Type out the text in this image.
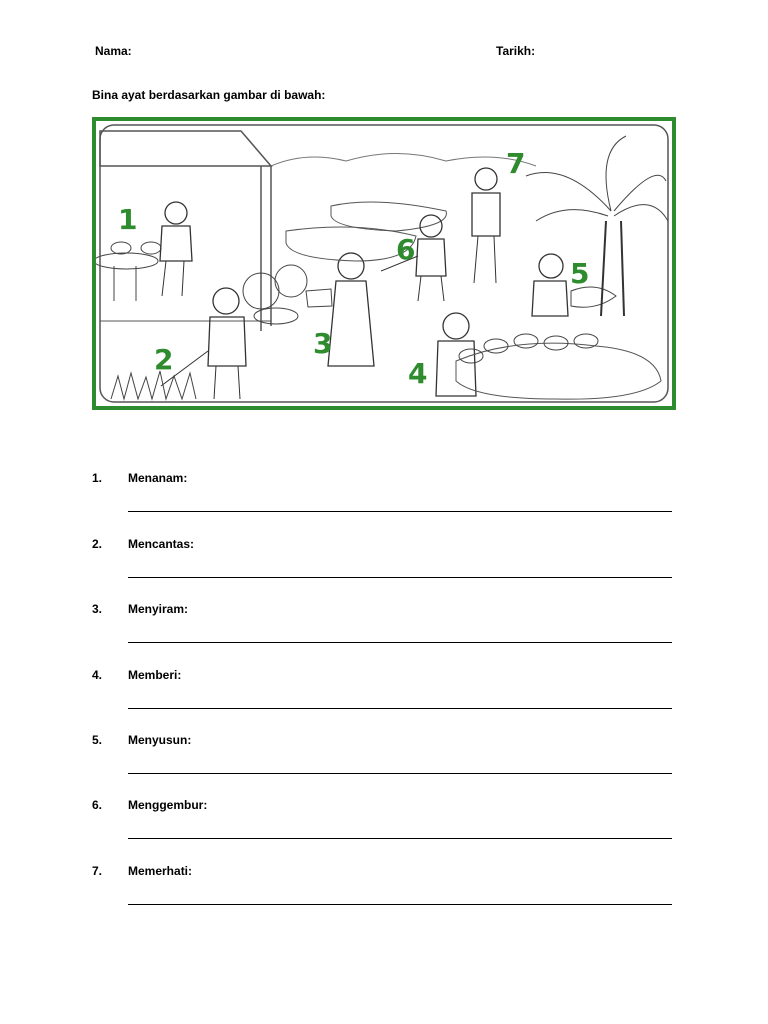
Nama:	Tarikh:
Bina ayat berdasarkan gambar di bawah:
1
2	3
4
5
6
7
1. Menanam:
2. Mencantas:
3. Menyiram:
4. Memberi:
5. Menyusun:
6. Menggembur:
7. Memerhati:
